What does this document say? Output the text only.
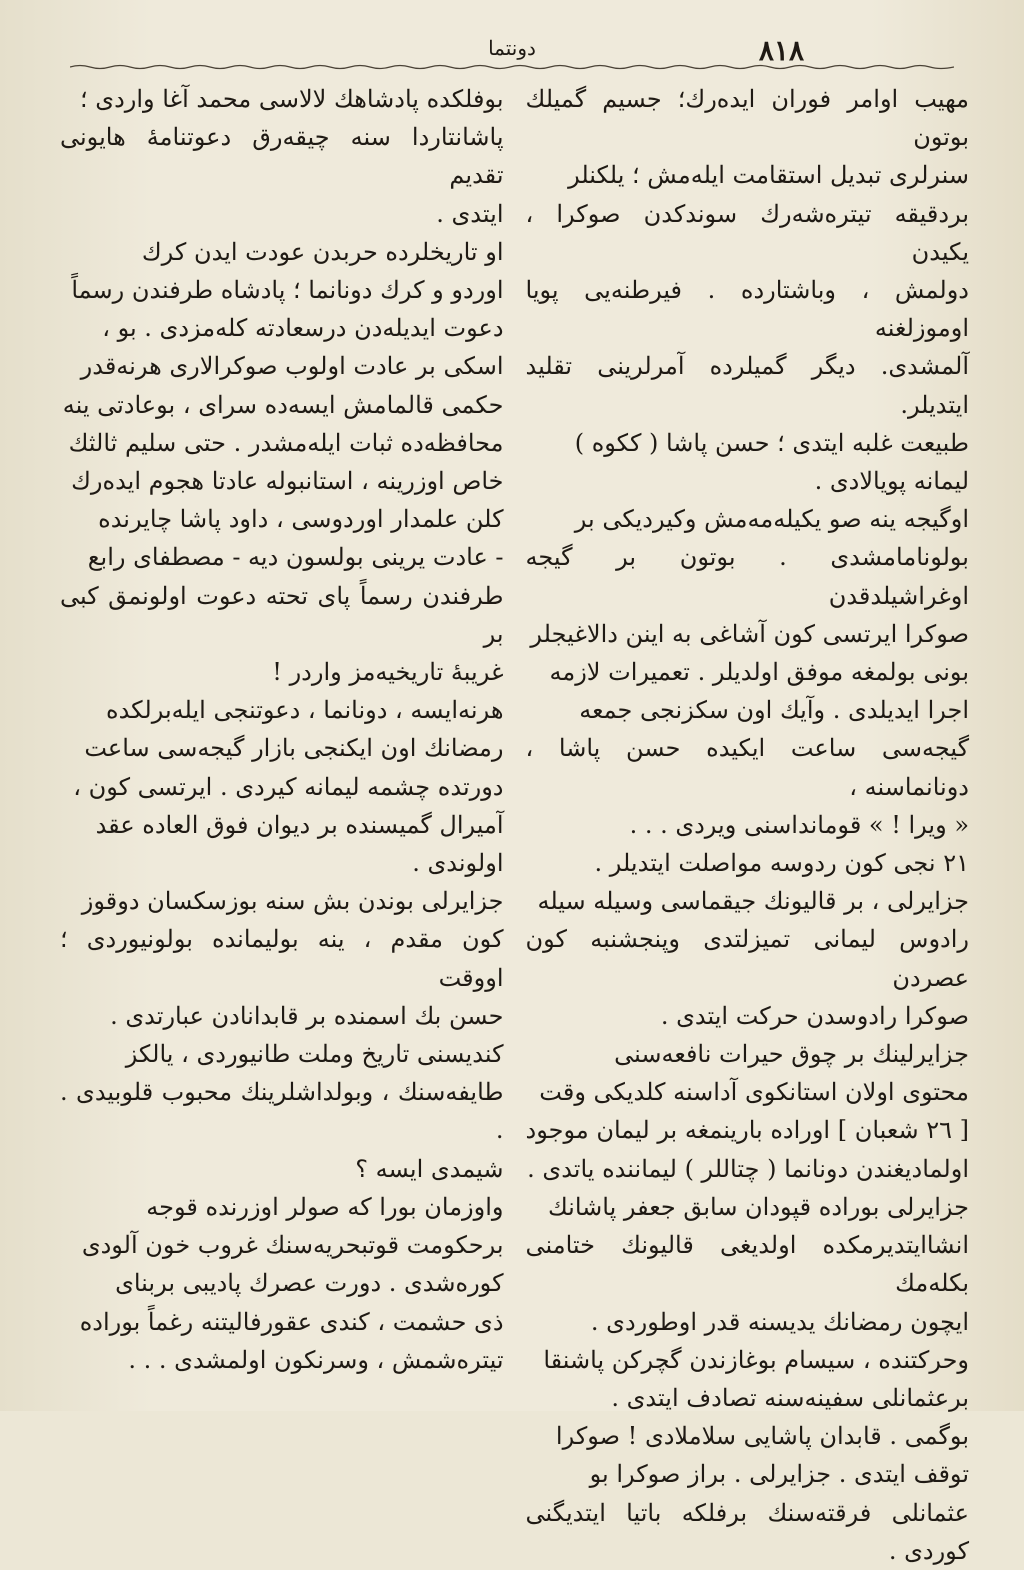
دونتما	٨١٨

مهيب اوامر فوران ايدەرك؛ جسيم گميلك بوتون

سنرلرى تبديل استقامت ايلەمش ؛ يلكنلر

بردقيقه تيترەشەرك سوندكدن صوكرا ، يكيدن

دولمش ، وباشتاردە . فيرطنەيى پويا اوموزلغنه

آلمشدى. ديگر گميلرده آمرلرينى تقليد ايتديلر.

طبيعت غلبه ايتدى ؛ حسن پاشا ( ككوه )

ليمانه پوياﻻدى .

اوگيجه ينه صو يكيلەمەمش وكيرديكى بر

بولونامامشدى . بوتون بر گيجه اوغراشيلدقدن

صوكرا ايرتسى كون آشاغى بە اينن داﻻغيجلر

بونى بولمغه موفق اولديلر . تعميرات ﻻزمه

اجرا ايديلدى . وآيك اون سكزنجى جمعه

گيجەسى ساعت ايكيده حسن پاشا ، دونانماسنه ،

« ويرا ! » قومانداسنى ويردى . . .

٢١ نجى كون ردوسه مواصلت ايتديلر .

جزايرلى ، بر قاليونك جيقماسى وسيله سيله

رادوس ليمانى تميزلتدى وپنجشنبه كون عصردن

صوكرا رادوسدن حركت ايتدى .

جزايرلينك بر چوق حيرات نافعەسنى

محتوى اولان استانكوى آداسنه كلديكى وقت

[ ٢٦ شعبان ] اوراده بارينمغه بر ليمان موجود

اولماديغندن دونانما ( چتاللر ) ليماننده ياتدى .

جزايرلى بوراده قپودان سابق جعفر پاشانك

انشاايتديرمكده اولديغى قاليونك ختامنى بكلەمك

ايچون رمضانك يديسنه قدر اوطوردى .

وحركتنده ، سيسام بوغازندن گچركن پاشنقا

برعثمانلى سفينەسنه تصادف ايتدى .

بوگمى . قابدان پاشايى سلاملادى ! صوكرا

توقف ايتدى . جزايرلى . براز صوكرا بو

عثمانلى فرقتەسنك برفلكه باتيا ايتديگنى كوردى .

بوفلكده پادشاهك ﻻﻻسى محمد آغا واردى ؛

پاشانتاردا سنه چيقەرق دعوتنامۀ هايونى تقديم

ايتدى .

او تاريخلرده حربدن عودت ايدن كرك

اوردو و كرك دونانما ؛ پادشاه طرفندن رسماً

دعوت ايديلەدن درسعادته كلەمزدى . بو ،

اسكى بر عادت اولوب صوكراﻻرى هرنەقدر

حكمى قالمامش ايسەده سراى ، بوعادتى ينه

محافظەده ثبات ايلەمشدر . حتى سليم ثالثك

خاص اوزرينه ، استانبوله عادتا هجوم ايدەرك

كلن علمدار اوردوسى ، داود پاشا چايرنده

- عادت يرينى بولسون ديه - مصطفاى رابع

طرفندن رسماً پاى تحته دعوت اولونمق كبى بر

غريبۀ تاريخيەمز واردر !

هرنەايسه ، دونانما ، دعوتنجى ايلەبرلكده

رمضانك اون ايكنجى بازار گيجەسى ساعت

دورتده چشمه ليمانه كيردى . ايرتسى كون ،

آميرال گميسنده بر ديوان فوق العاده عقد

اولوندى .

جزايرلى بوندن بش سنه بوزسكسان دوقوز

كون مقدم ، ينه بوليمانده بولونيوردى ؛ اووقت

حسن بك اسمنده بر قابدانادن عبارتدى .

كنديسنى تاريخ وملت طانيوردى ، يالكز

طايفەسنك ، وبولداشلرينك محبوب قلوبيدى . .

شيمدى ايسه ؟

واوزمان بورا كه صولر اوزرنده قوجه

برحكومت قوتبحريەسنك غروب خون آلودى

كورەشدى . دورت عصرك پاديبى بربناى

ذى حشمت ، كندى عقورفاليتنه رغماً بوراده

تيترەشمش ، وسرنكون اولمشدى . . .
